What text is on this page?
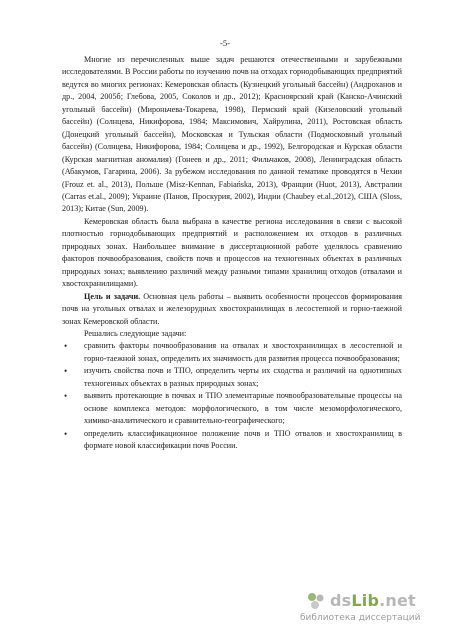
-5-

Многие из перечисленных выше задач решаются отечественными и зарубежными исследователями. В России работы по изучению почв на отходах горнодобывающих предприятий ведутся во многих регионах: Кемеровская область (Кузнецкий угольный бассейн) (Андроханов и др., 2004, 2005б; Глебова, 2005, Соколов и др., 2012); Красноярский край (Канско-Ачинский угольный бассейн) (Мироньчева-Токарева, 1998), Пермский край (Кизеловский угольный бассейн) (Солнцева, Никифорова, 1984; Максимович, Хайрулина, 2011), Ростовская область (Донецкий угольный бассейн), Московская и Тульская области (Подмосковный угольный бассейн) (Солнцева, Никифорова, 1984; Солнцева и др., 1992), Белгородская и Курская области (Курская магнитная аномалия) (Гонеев и др., 2011; Фильчаков, 2008), Ленинградская область (Абакумов, Гагарина, 2006). За рубежом исследования по данной тематике проводятся в Чехии (Frouz et. al., 2013), Польше (Misz-Kennan, Fabiańska, 2013), Франции (Huot, 2013), Австралии (Carras et.al., 2009); Украине (Панов, Проскурия, 2002), Индии (Chaubey et.al.,2012), США (Sloss, 2013); Китае (Sun, 2009).

Кемеровская область была выбрана в качестве региона исследования в связи с высокой плотностью горнодобывающих предприятий и расположением их отходов в различных природных зонах. Наибольшее внимание в диссертационной работе уделялось сравнению факторов почвообразования, свойств почв и процессов на техногенных объектах в различных природных зонах; выявлению различий между разными типами хранилищ отходов (отвалами и хвостохранилищами).

Цель и задачи. Основная цель работы – выявить особенности процессов формирования почв на угольных отвалах и железорудных хвостохранилищах в лесостепной и горно-таежной зонах Кемеровской области.

Решались следующие задачи:

• сравнить факторы почвообразования на отвалах и хвостохранилищах в лесостепной и горно-таежной зонах, определить их значимость для развития процесса почвообразования;
• изучить свойства почв и ТПО, определить черты их сходства и различий на однотипных техногенных объектах в разных природных зонах;
• выявить протекающие в почвах и ТПО элементарные почвообразовательные процессы на основе комплекса методов: морфологического, в том числе мезоморфологического, химико-аналитического и сравнительно-географического;
• определить классификационное положение почв и ТПО отвалов и хвостохранилищ в формате новой классификации почв России.
dsLib.net
библиотека диссертаций
